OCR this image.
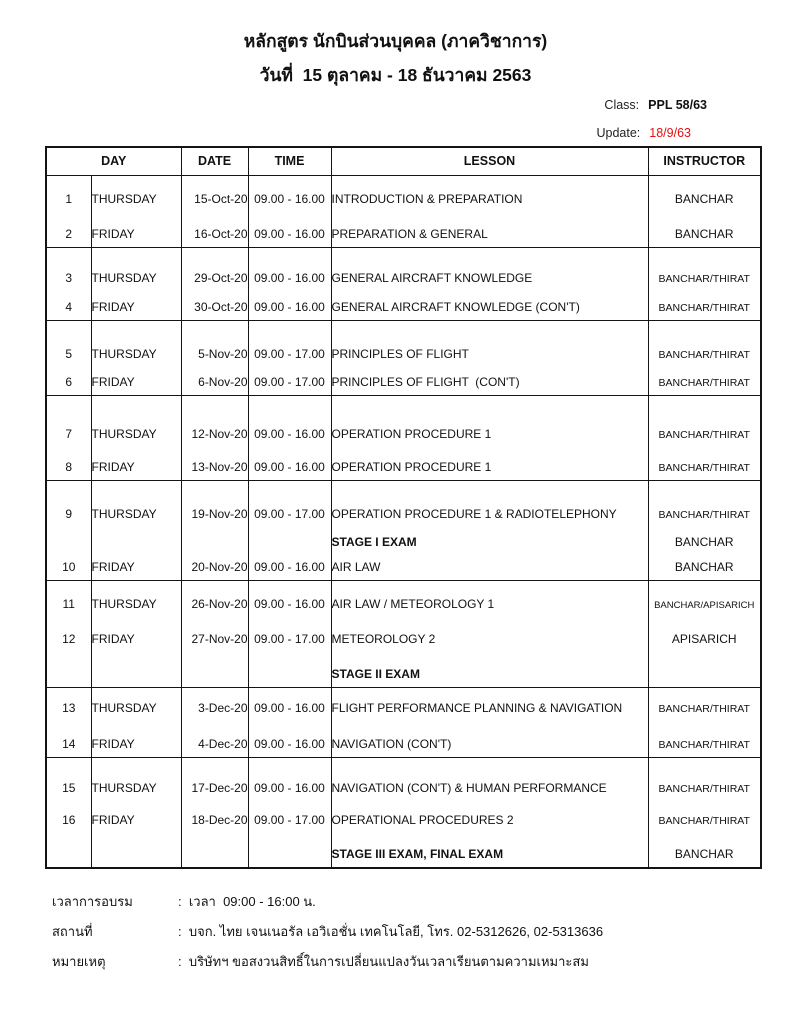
หลักสูตร นักบินส่วนบุคคล (ภาควิชาการ)
วันที่  15 ตุลาคม - 18 ธันวาคม 2563
Class: PPL 58/63
Update: 18/9/63
DAY		DATE	TIME	LESSON	INSTRUCTOR
1	THURSDAY	15-Oct-20	09.00 - 16.00	INTRODUCTION & PREPARATION	BANCHAR
2	FRIDAY	16-Oct-20	09.00 - 16.00	PREPARATION & GENERAL	BANCHAR
3	THURSDAY	29-Oct-20	09.00 - 16.00	GENERAL AIRCRAFT KNOWLEDGE	BANCHAR/THIRAT
4	FRIDAY	30-Oct-20	09.00 - 16.00	GENERAL AIRCRAFT KNOWLEDGE (CON'T)	BANCHAR/THIRAT
5	THURSDAY	5-Nov-20	09.00 - 17.00	PRINCIPLES OF FLIGHT	BANCHAR/THIRAT
6	FRIDAY	6-Nov-20	09.00 - 17.00	PRINCIPLES OF FLIGHT  (CON'T)	BANCHAR/THIRAT
7	THURSDAY	12-Nov-20	09.00 - 16.00	OPERATION PROCEDURE 1	BANCHAR/THIRAT
8	FRIDAY	13-Nov-20	09.00 - 16.00	OPERATION PROCEDURE 1	BANCHAR/THIRAT
9	THURSDAY	19-Nov-20	09.00 - 17.00	OPERATION PROCEDURE 1 & RADIOTELEPHONY	BANCHAR/THIRAT
				STAGE I EXAM	BANCHAR
10	FRIDAY	20-Nov-20	09.00 - 16.00	AIR LAW	BANCHAR
11	THURSDAY	26-Nov-20	09.00 - 16.00	AIR LAW / METEOROLOGY 1	BANCHAR/APISARICH
12	FRIDAY	27-Nov-20	09.00 - 17.00	METEOROLOGY 2	APISARICH
				STAGE II EXAM	
13	THURSDAY	3-Dec-20	09.00 - 16.00	FLIGHT PERFORMANCE PLANNING & NAVIGATION	BANCHAR/THIRAT
14	FRIDAY	4-Dec-20	09.00 - 16.00	NAVIGATION (CON'T)	BANCHAR/THIRAT
15	THURSDAY	17-Dec-20	09.00 - 16.00	NAVIGATION (CON'T) & HUMAN PERFORMANCE	BANCHAR/THIRAT
16	FRIDAY	18-Dec-20	09.00 - 17.00	OPERATIONAL PROCEDURES 2	BANCHAR/THIRAT
				STAGE III EXAM, FINAL EXAM	BANCHAR
เวลาการอบรม	:  เวลา  09:00 - 16:00 น.
สถานที่	:  บจก. ไทย เจนเนอรัล เอวิเอชั่น เทคโนโลยี, โทร. 02-5312626, 02-5313636
หมายเหตุ	:  บริษัทฯ ขอสงวนสิทธิ์ในการเปลี่ยนแปลงวันเวลาเรียนตามความเหมาะสม
